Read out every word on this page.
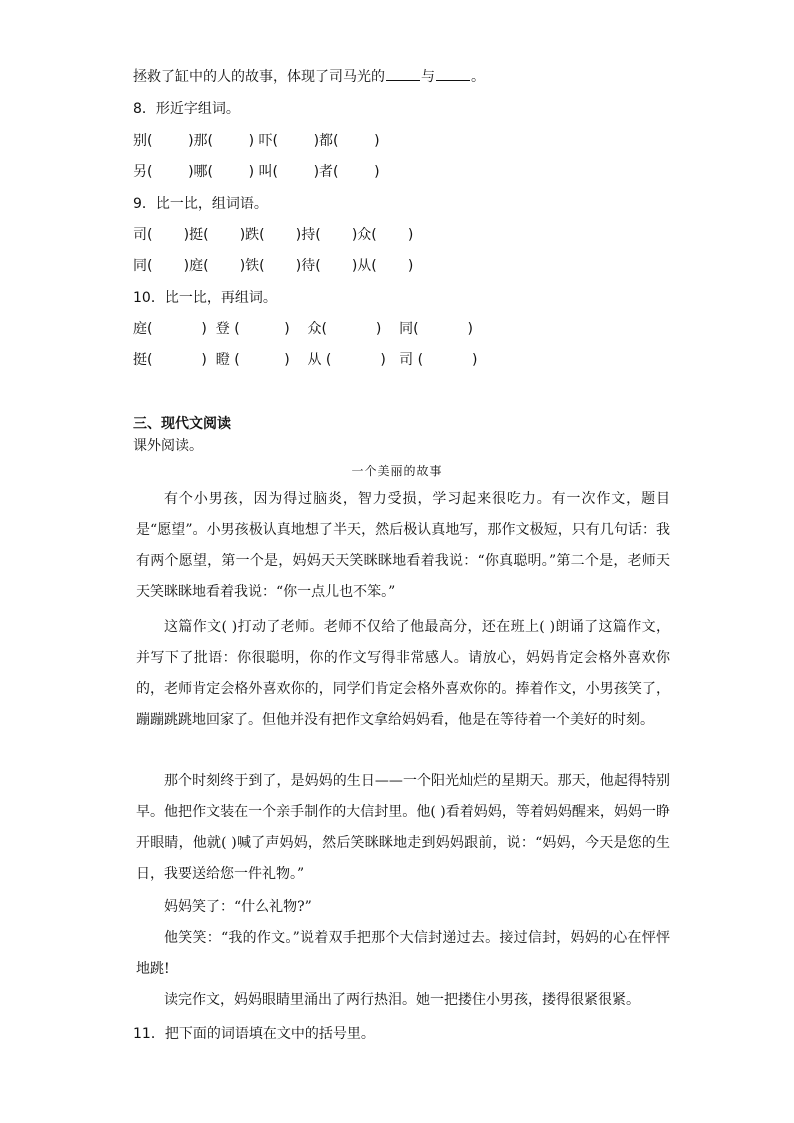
拯救了缸中的人的故事，体现了司马光的	与	。
8．形近字组词。
别(        )那(        ) 吓(        )都(        )
另(        )哪(        ) 叫(        )者(        )
9．比一比，组词语。
司(       )挺(       )跌(       )持(       )众(       )
同(       )庭(       )铁(       )待(       )从(       )
10．比一比，再组词。
庭(           )  登 (          )    众(           )    同(           )
挺(           )  瞪 (          )    从 (           )   司 (           )
三、现代文阅读
课外阅读。
一个美丽的故事

有个小男孩，因为得过脑炎，智力受损，学习起来很吃力。有一次作文，题目是“愿望”。小男孩极认真地想了半天，然后极认真地写，那作文极短，只有几句话：我有两个愿望，第一个是，妈妈天天笑眯眯地看着我说：“你真聪明。”第二个是，老师天天笑眯眯地看着我说：“你一点儿也不笨。”

这篇作文( )打动了老师。老师不仅给了他最高分，还在班上( )朗诵了这篇作文，并写下了批语：你很聪明，你的作文写得非常感人。请放心，妈妈肯定会格外喜欢你的，老师肯定会格外喜欢你的，同学们肯定会格外喜欢你的。捧着作文，小男孩笑了，蹦蹦跳跳地回家了。但他并没有把作文拿给妈妈看，他是在等待着一个美好的时刻。

那个时刻终于到了，是妈妈的生日——一个阳光灿烂的星期天。那天，他起得特别早。他把作文装在一个亲手制作的大信封里。他( )看着妈妈，等着妈妈醒来，妈妈一睁开眼睛，他就( )喊了声妈妈，然后笑眯眯地走到妈妈跟前，说：“妈妈，今天是您的生日，我要送给您一件礼物。”

妈妈笑了：“什么礼物?”

他笑笑：“我的作文。”说着双手把那个大信封递过去。接过信封，妈妈的心在怦怦地跳!

读完作文，妈妈眼睛里涌出了两行热泪。她一把搂住小男孩，搂得很紧很紧。

11．把下面的词语填在文中的括号里。
